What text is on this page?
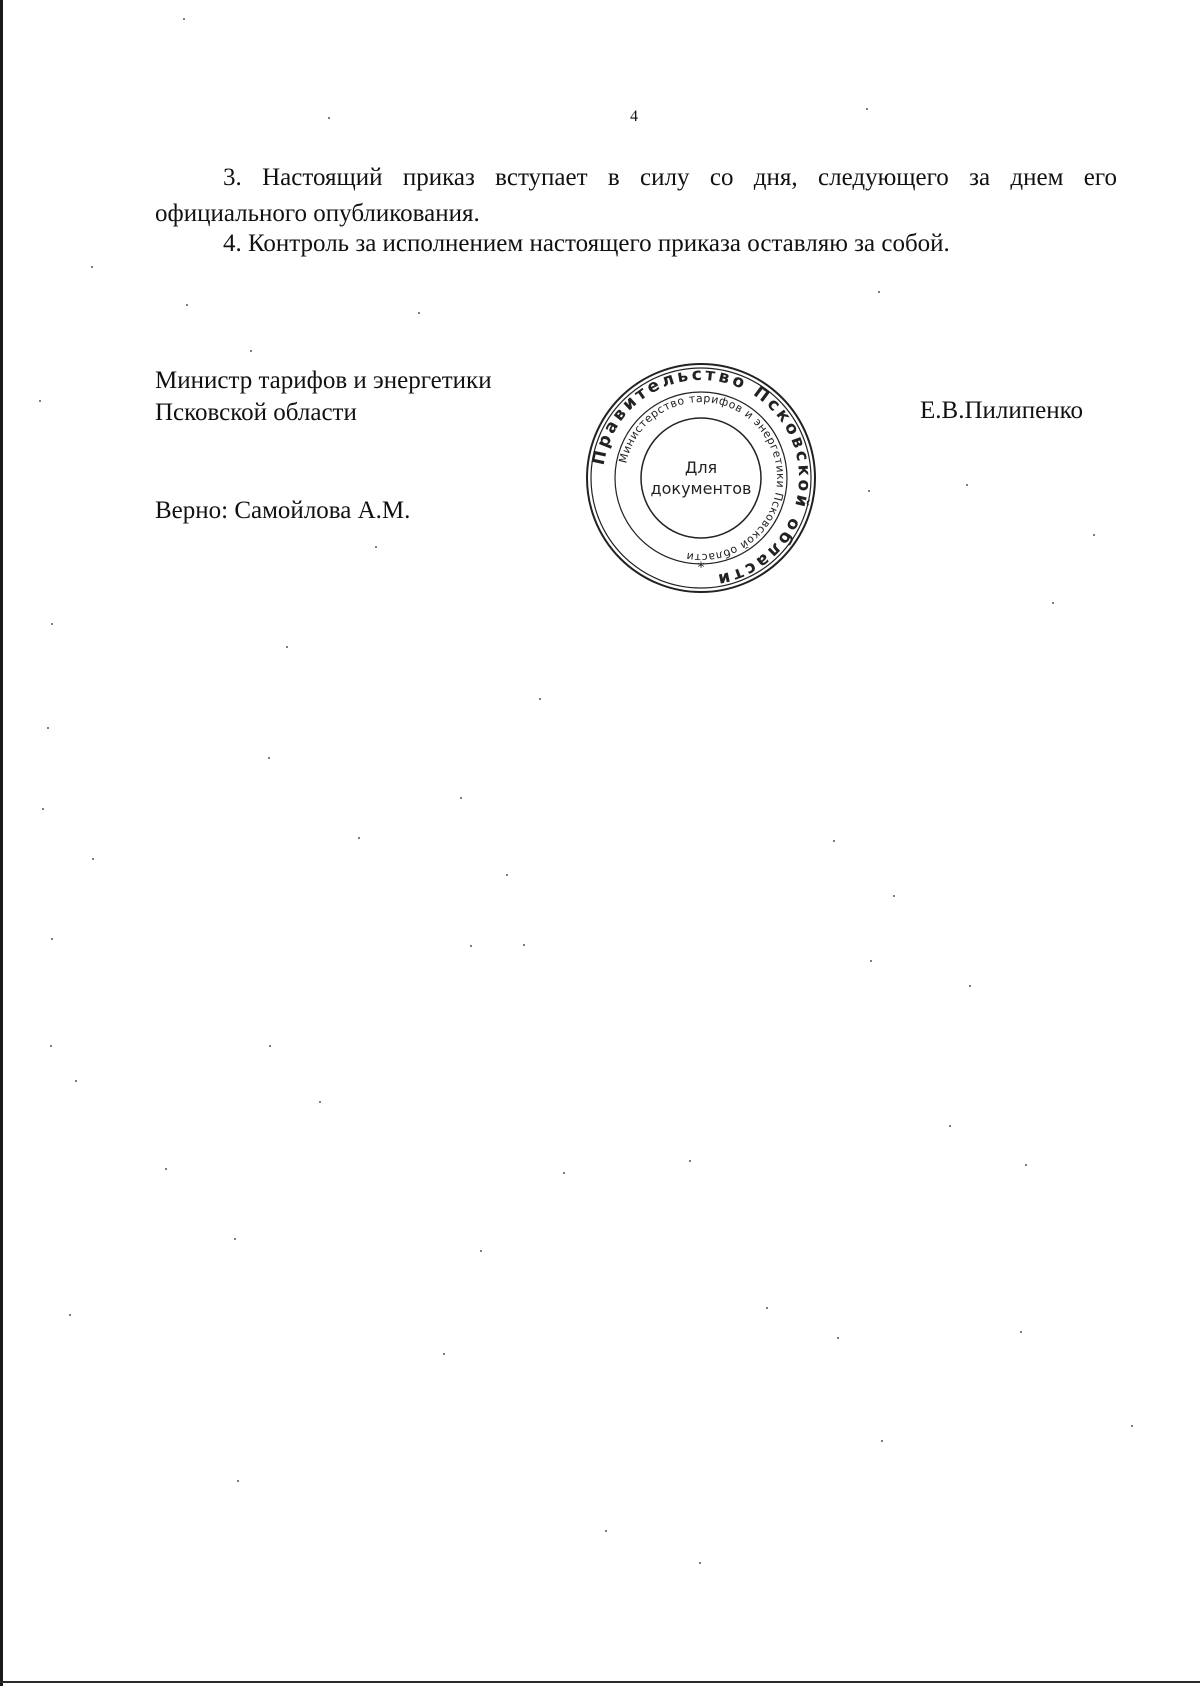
4
3. Настоящий приказ вступает в силу со дня, следующего за днем его официального опубликования.
4. Контроль за исполнением настоящего приказа оставляю за собой.
Министр тарифов и энергетики
Псковской области	Е.В.Пилипенко
Верно: Самойлова А.М.
Правительство Псковской области
Министерство тарифов и энергетики Псковской области
Для
документов
*
